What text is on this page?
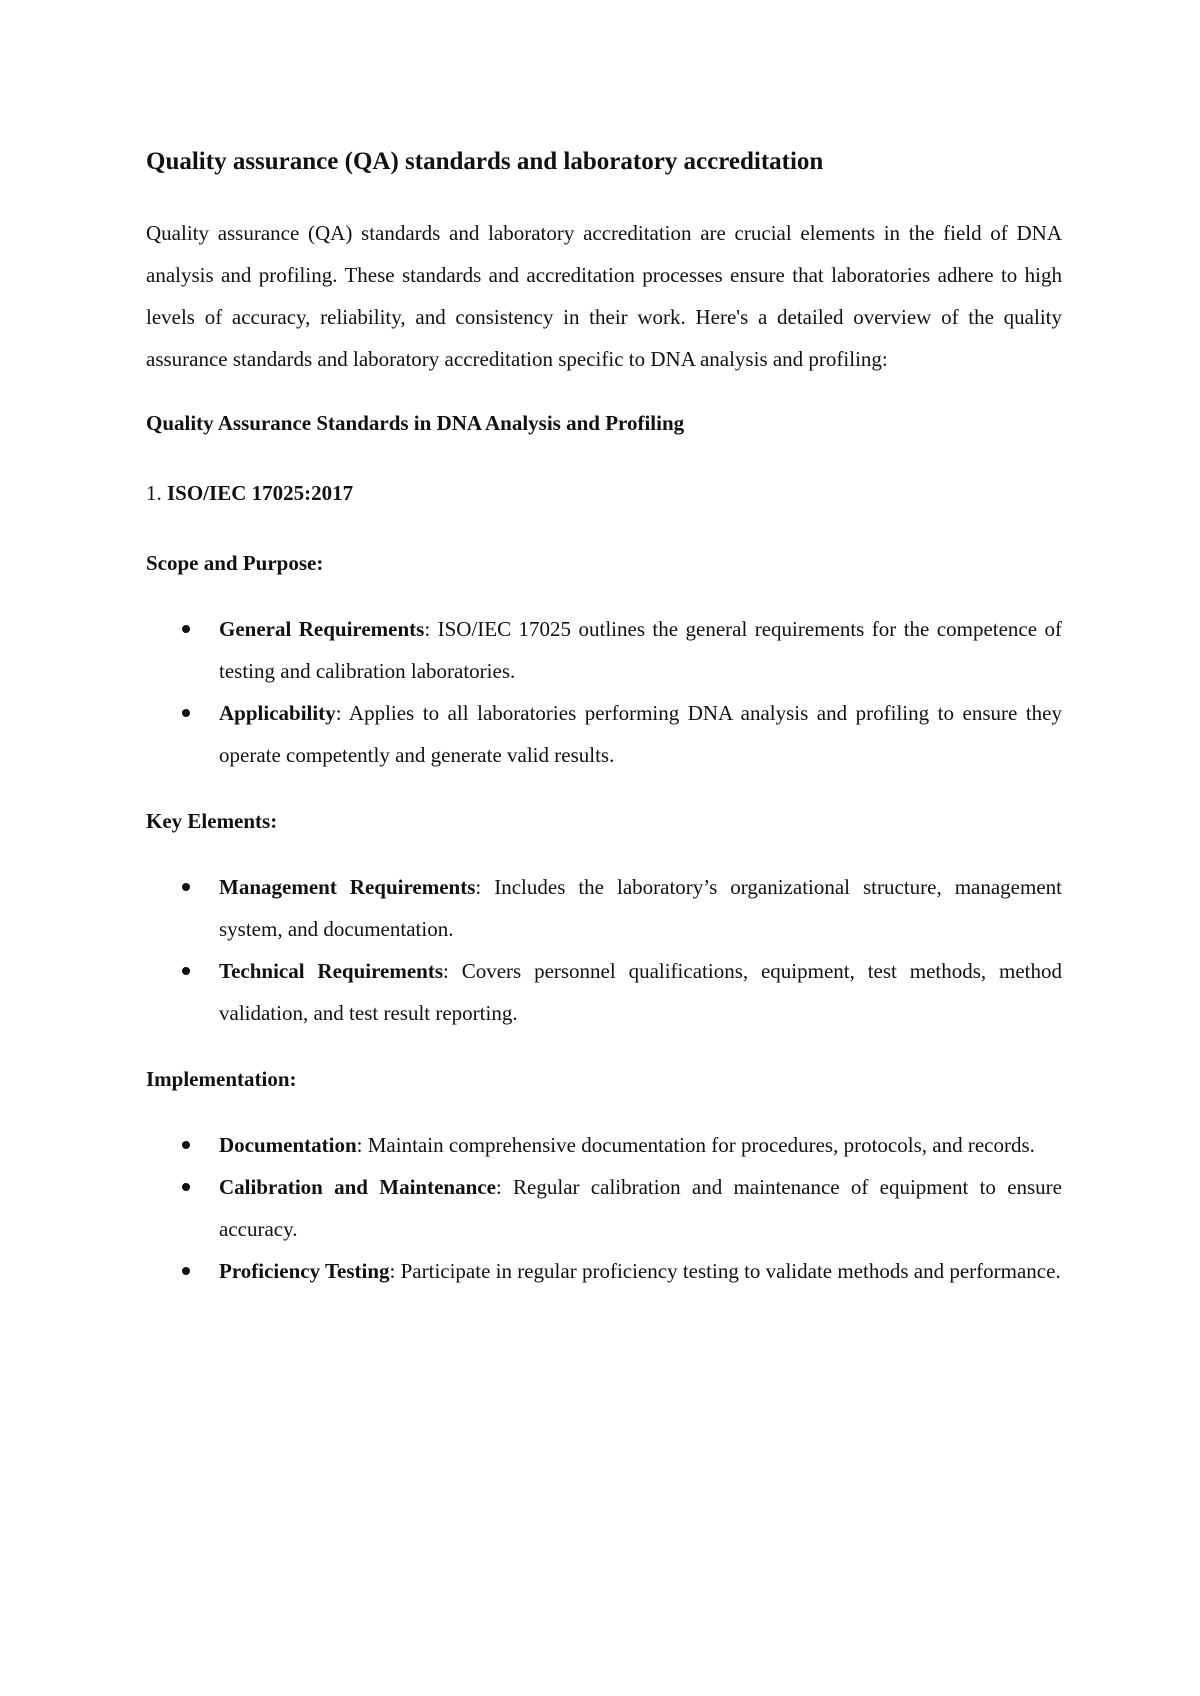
Quality assurance (QA) standards and laboratory accreditation

Quality assurance (QA) standards and laboratory accreditation are crucial elements in the field of DNA analysis and profiling. These standards and accreditation processes ensure that laboratories adhere to high levels of accuracy, reliability, and consistency in their work. Here's a detailed overview of the quality assurance standards and laboratory accreditation specific to DNA analysis and profiling:

Quality Assurance Standards in DNA Analysis and Profiling
1. ISO/IEC 17025:2017
Scope and Purpose:
General Requirements: ISO/IEC 17025 outlines the general requirements for the competence of testing and calibration laboratories.
Applicability: Applies to all laboratories performing DNA analysis and profiling to ensure they operate competently and generate valid results.
Key Elements:
Management Requirements: Includes the laboratory’s organizational structure, management system, and documentation.
Technical Requirements: Covers personnel qualifications, equipment, test methods, method validation, and test result reporting.
Implementation:
Documentation: Maintain comprehensive documentation for procedures, protocols, and records.
Calibration and Maintenance: Regular calibration and maintenance of equipment to ensure accuracy.
Proficiency Testing: Participate in regular proficiency testing to validate methods and performance.
